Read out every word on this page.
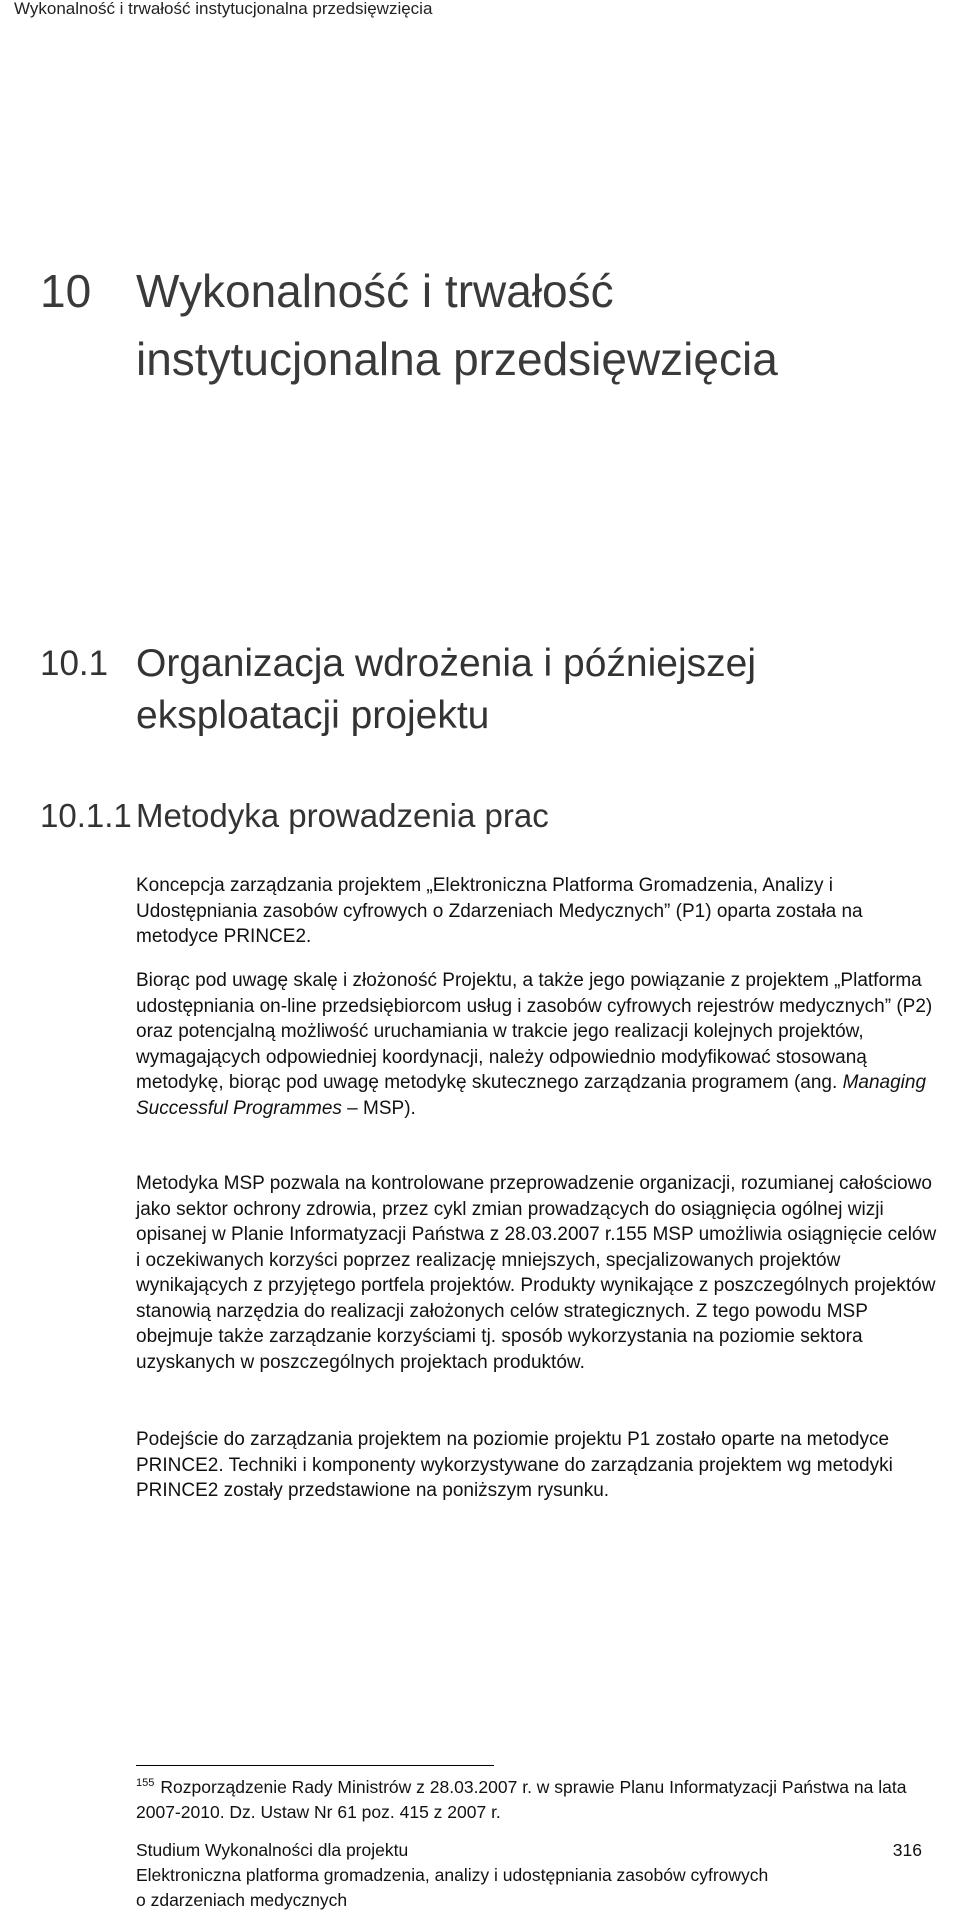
Wykonalność i trwałość instytucjonalna przedsięwzięcia
10 Wykonalność i trwałość instytucjonalna przedsięwzięcia
10.1 Organizacja wdrożenia i późniejszej eksploatacji projektu
10.1.1 Metodyka prowadzenia prac

Koncepcja zarządzania projektem „Elektroniczna Platforma Gromadzenia, Analizy i Udostępniania zasobów cyfrowych o Zdarzeniach Medycznych” (P1) oparta została na metodyce PRINCE2.

Biorąc pod uwagę skalę i złożoność Projektu, a także jego powiązanie z projektem „Platforma udostępniania on-line przedsiębiorcom usług i zasobów cyfrowych rejestrów medycznych” (P2) oraz potencjalną możliwość uruchamiania w trakcie jego realizacji kolejnych projektów, wymagających odpowiedniej koordynacji, należy odpowiednio modyfikować stosowaną metodykę, biorąc pod uwagę metodykę skutecznego zarządzania programem (ang. Managing Successful Programmes – MSP).

Metodyka MSP pozwala na kontrolowane przeprowadzenie organizacji, rozumianej całościowo jako sektor ochrony zdrowia, przez cykl zmian prowadzących do osiągnięcia ogólnej wizji opisanej w Planie Informatyzacji Państwa z 28.03.2007 r.155 MSP umożliwia osiągnięcie celów i oczekiwanych korzyści poprzez realizację mniejszych, specjalizowanych projektów wynikających z przyjętego portfela projektów. Produkty wynikające z poszczególnych projektów stanowią narzędzia do realizacji założonych celów strategicznych. Z tego powodu MSP obejmuje także zarządzanie korzyściami tj. sposób wykorzystania na poziomie sektora uzyskanych w poszczególnych projektach produktów.

Podejście do zarządzania projektem na poziomie projektu P1 zostało oparte na metodyce PRINCE2. Techniki i komponenty wykorzystywane do zarządzania projektem wg metodyki PRINCE2 zostały przedstawione na poniższym rysunku.

$^{155}$ Rozporządzenie Rady Ministrów z 28.03.2007 r. w sprawie Planu Informatyzacji Państwa na lata 2007-2010. Dz. Ustaw Nr 61 poz. 415 z 2007 r.
Studium Wykonalności dla projektu
Elektroniczna platforma gromadzenia, analizy i udostępniania zasobów cyfrowych
o zdarzeniach medycznych
316
